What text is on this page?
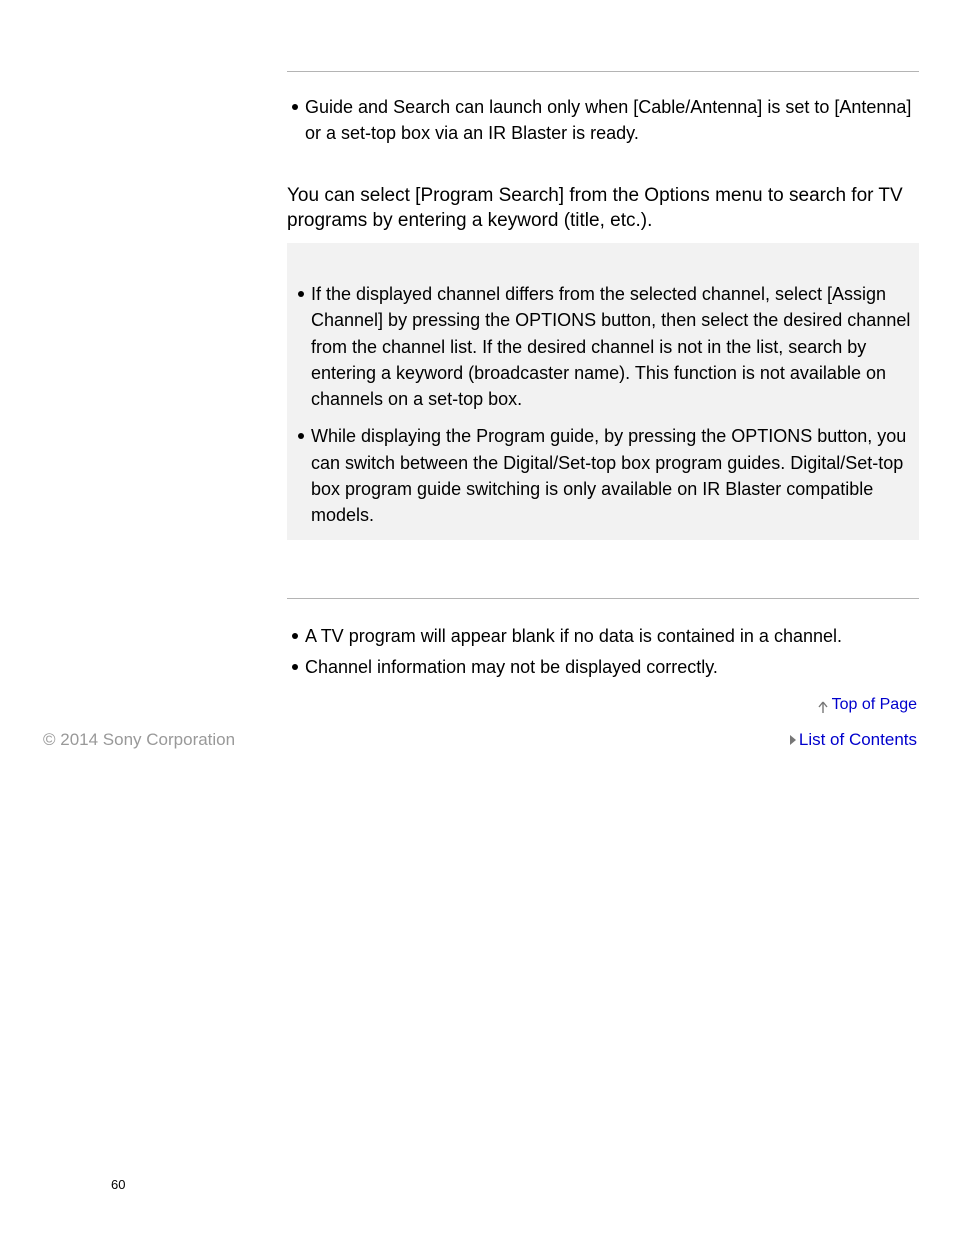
Guide and Search can launch only when [Cable/Antenna] is set to [Antenna] or a set-top box via an IR Blaster is ready.
You can select [Program Search] from the Options menu to search for TV programs by entering a keyword (title, etc.).
If the displayed channel differs from the selected channel, select [Assign Channel] by pressing the OPTIONS button, then select the desired channel from the channel list. If the desired channel is not in the list, search by entering a keyword (broadcaster name). This function is not available on channels on a set-top box.
While displaying the Program guide, by pressing the OPTIONS button, you can switch between the Digital/Set-top box program guides. Digital/Set-top box program guide switching is only available on IR Blaster compatible models.
A TV program will appear blank if no data is contained in a channel.
Channel information may not be displayed correctly.
Top of Page
© 2014 Sony Corporation	List of Contents
60
